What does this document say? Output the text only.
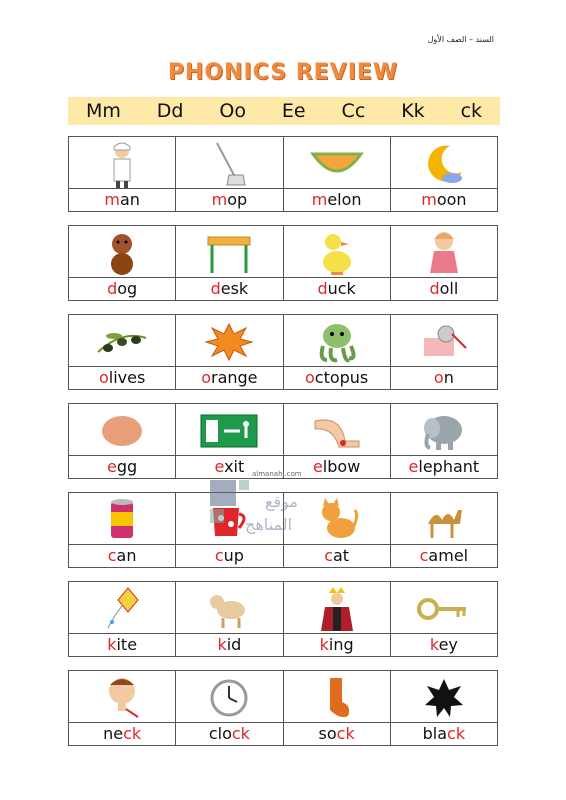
السند – الصف الأول
PHONICS REVIEW
Mm Dd Oo Ee Cc Kk ck
man	mop	melon	moon
dog	desk	duck	doll
olives	orange	octopus	on
egg	exit	elbow	elephant
can	cup	cat	camel
kite	kid	king	key
neck	clock	sock	black
موقع
المناهج
almanahj.com
